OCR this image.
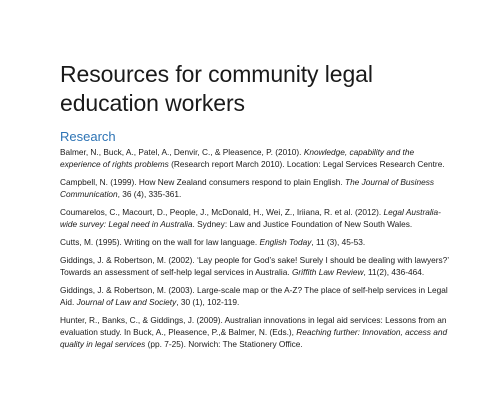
Resources for community legal education workers
Research

Balmer, N., Buck, A., Patel, A., Denvir, C., & Pleasence, P. (2010). Knowledge, capability and the experience of rights problems (Research report March 2010). Location: Legal Services Research Centre.

Campbell, N. (1999). How New Zealand consumers respond to plain English. The Journal of Business Communication, 36 (4), 335-361.

Coumarelos, C., Macourt, D., People, J., McDonald, H., Wei, Z., Iriiana, R. et al. (2012). Legal Australia-wide survey: Legal need in Australia. Sydney: Law and Justice Foundation of New South Wales.

Cutts, M. (1995). Writing on the wall for law language. English Today, 11 (3), 45-53.

Giddings, J. & Robertson, M. (2002). ‘Lay people for God’s sake! Surely I should be dealing with lawyers?’ Towards an assessment of self-help legal services in Australia. Griffith Law Review, 11(2), 436-464.

Giddings, J. & Robertson, M. (2003). Large-scale map or the A-Z? The place of self-help services in Legal Aid. Journal of Law and Society, 30 (1), 102-119.

Hunter, R., Banks, C., & Giddings, J. (2009). Australian innovations in legal aid services: Lessons from an evaluation study. In Buck, A., Pleasence, P.,& Balmer, N. (Eds.), Reaching further: Innovation, access and quality in legal services (pp. 7-25). Norwich: The Stationery Office.
